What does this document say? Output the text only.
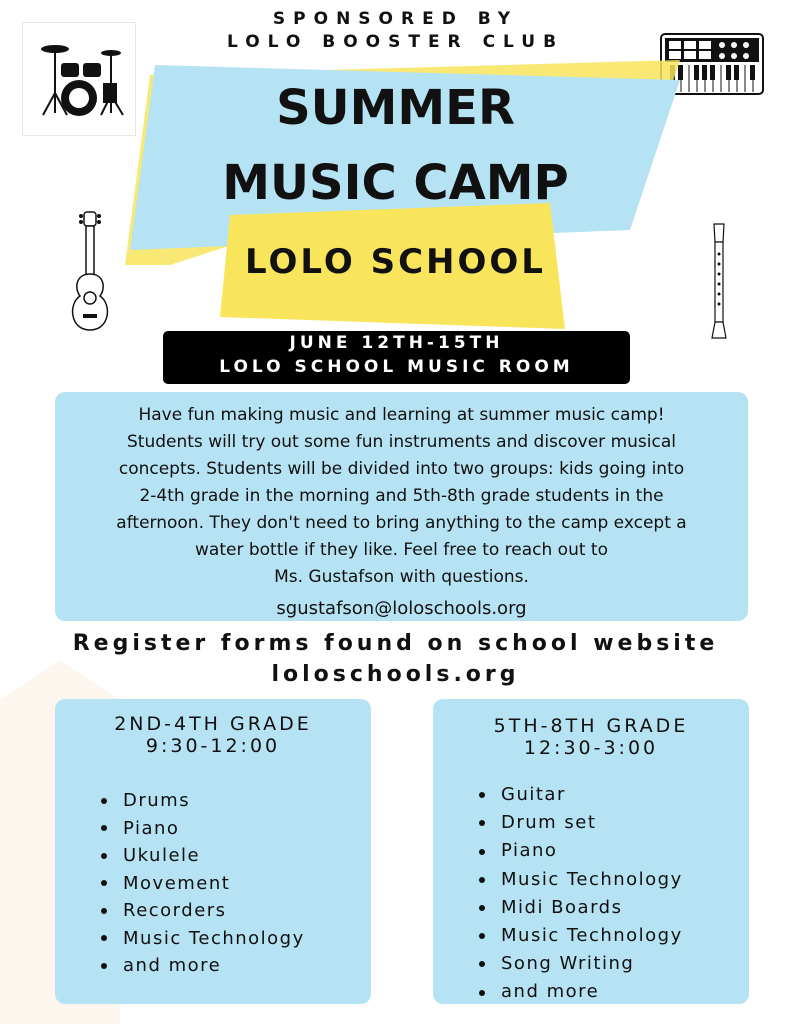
SPONSORED BY
LOLO BOOSTER CLUB
SUMMER
MUSIC CAMP
LOLO SCHOOL
JUNE 12TH-15TH
LOLO SCHOOL MUSIC ROOM
Have fun making music and learning at summer music camp!
Students will try out some fun instruments and discover musical
concepts. Students will be divided into two groups: kids going into
2-4th grade in the morning and 5th-8th grade students in the
afternoon. They don't need to bring anything to the camp except a
water bottle if they like. Feel free to reach out to
Ms. Gustafson with questions.
sgustafson@loloschools.org
Register forms found on school website
loloschools.org
2ND-4TH GRADE
9:30-12:00
Drums
Piano
Ukulele
Movement
Recorders
Music Technology
and more
5TH-8TH GRADE
12:30-3:00
Guitar
Drum set
Piano
Music Technology
Midi Boards
Music Technology
Song Writing
and more
